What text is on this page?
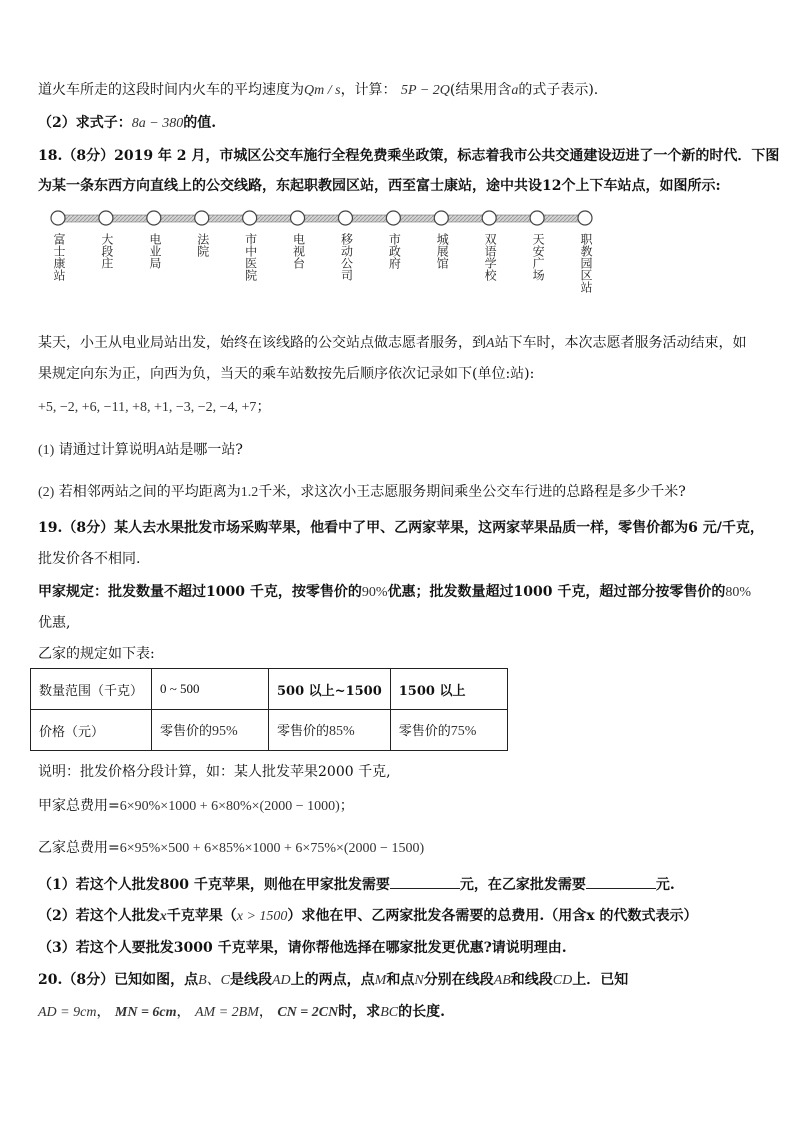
道火车所走的这段时间内火车的平均速度为Qm / s，计算： 5P − 2Q(结果用含a的式子表示).
（2）求式子：8a − 380的值.
18.（8分）2019 年 2 月，市城区公交车施行全程免费乘坐政策，标志着我市公共交通建设迈进了一个新的时代．下图
为某一条东西方向直线上的公交线路，东起职教园区站，西至富士康站，途中共设12个上下车站点，如图所示:
富士康站	大段庄	电业局	法院	市中医院	电视台	移动公司	市政府	城展馆	双语学校	天安广场	职教园区站
某天，小王从电业局站出发，始终在该线路的公交站点做志愿者服务，到A站下车时，本次志愿者服务活动结束，如
果规定向东为正，向西为负，当天的乘车站数按先后顺序依次记录如下(单位:站):
+5, −2, +6, −11, +8, +1, −3, −2, −4, +7；
(1) 请通过计算说明A站是哪一站?
(2) 若相邻两站之间的平均距离为1.2千米，求这次小王志愿服务期间乘坐公交车行进的总路程是多少千米?
19.（8分）某人去水果批发市场采购苹果，他看中了甲、乙两家苹果，这两家苹果品质一样，零售价都为6 元/千克，
批发价各不相同.
甲家规定：批发数量不超过1000 千克，按零售价的90%优惠；批发数量超过1000 千克，超过部分按零售价的80%
优惠,
乙家的规定如下表:
数量范围（千克）	0 ~ 500	500 以上~1500	1500 以上
价格（元）	零售价的95%	零售价的85%	零售价的75%
说明：批发价格分段计算，如：某人批发苹果2000 千克,
甲家总费用=6×90%×1000 + 6×80%×(2000 − 1000)；
乙家总费用=6×95%×500 + 6×85%×1000 + 6×75%×(2000 − 1500)
（1）若这个人批发800 千克苹果，则他在甲家批发需要	元，在乙家批发需要	元.
（2）若这个人批发x千克苹果（x > 1500）求他在甲、乙两家批发各需要的总费用.（用含x 的代数式表示）
（3）若这个人要批发3000 千克苹果，请你帮他选择在哪家批发更优惠?请说明理由.
20.（8分）已知如图，点B、C是线段AD上的两点，点M和点N分别在线段AB和线段CD上．已知
AD = 9cm， MN = 6cm， AM = 2BM， CN = 2CN时，求BC的长度.
